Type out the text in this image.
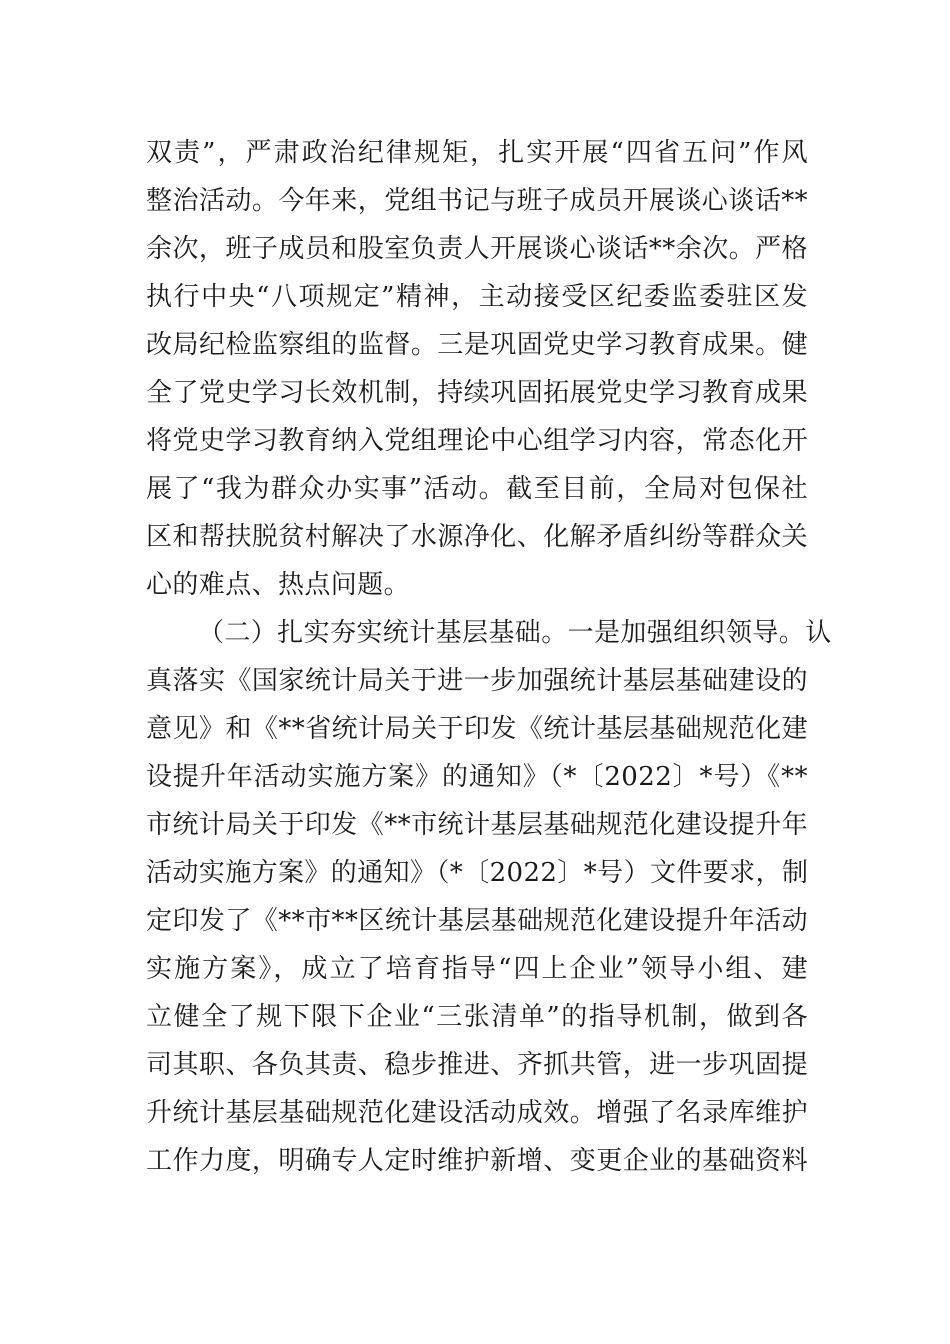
双责”，严肃政治纪律规矩，扎实开展“四省五问”作风
整治活动。今年来，党组书记与班子成员开展谈心谈话**
余次，班子成员和股室负责人开展谈心谈话**余次。严格
执行中央“八项规定”精神，主动接受区纪委监委驻区发
改局纪检监察组的监督。三是巩固党史学习教育成果。健
全了党史学习长效机制，持续巩固拓展党史学习教育成果
将党史学习教育纳入党组理论中心组学习内容，常态化开
展了“我为群众办实事”活动。截至目前，全局对包保社
区和帮扶脱贫村解决了水源净化、化解矛盾纠纷等群众关
心的难点、热点问题。
（二）扎实夯实统计基层基础。一是加强组织领导。认
真落实《国家统计局关于进一步加强统计基层基础建设的
意见》和《**省统计局关于印发《统计基层基础规范化建
设提升年活动实施方案》的通知》（*〔2022〕*号）《**
市统计局关于印发《**市统计基层基础规范化建设提升年
活动实施方案》的通知》（*〔2022〕*号）文件要求，制
定印发了《**市**区统计基层基础规范化建设提升年活动
实施方案》，成立了培育指导“四上企业”领导小组、建
立健全了规下限下企业“三张清单”的指导机制，做到各
司其职、各负其责、稳步推进、齐抓共管，进一步巩固提
升统计基层基础规范化建设活动成效。增强了名录库维护
工作力度，明确专人定时维护新增、变更企业的基础资料
